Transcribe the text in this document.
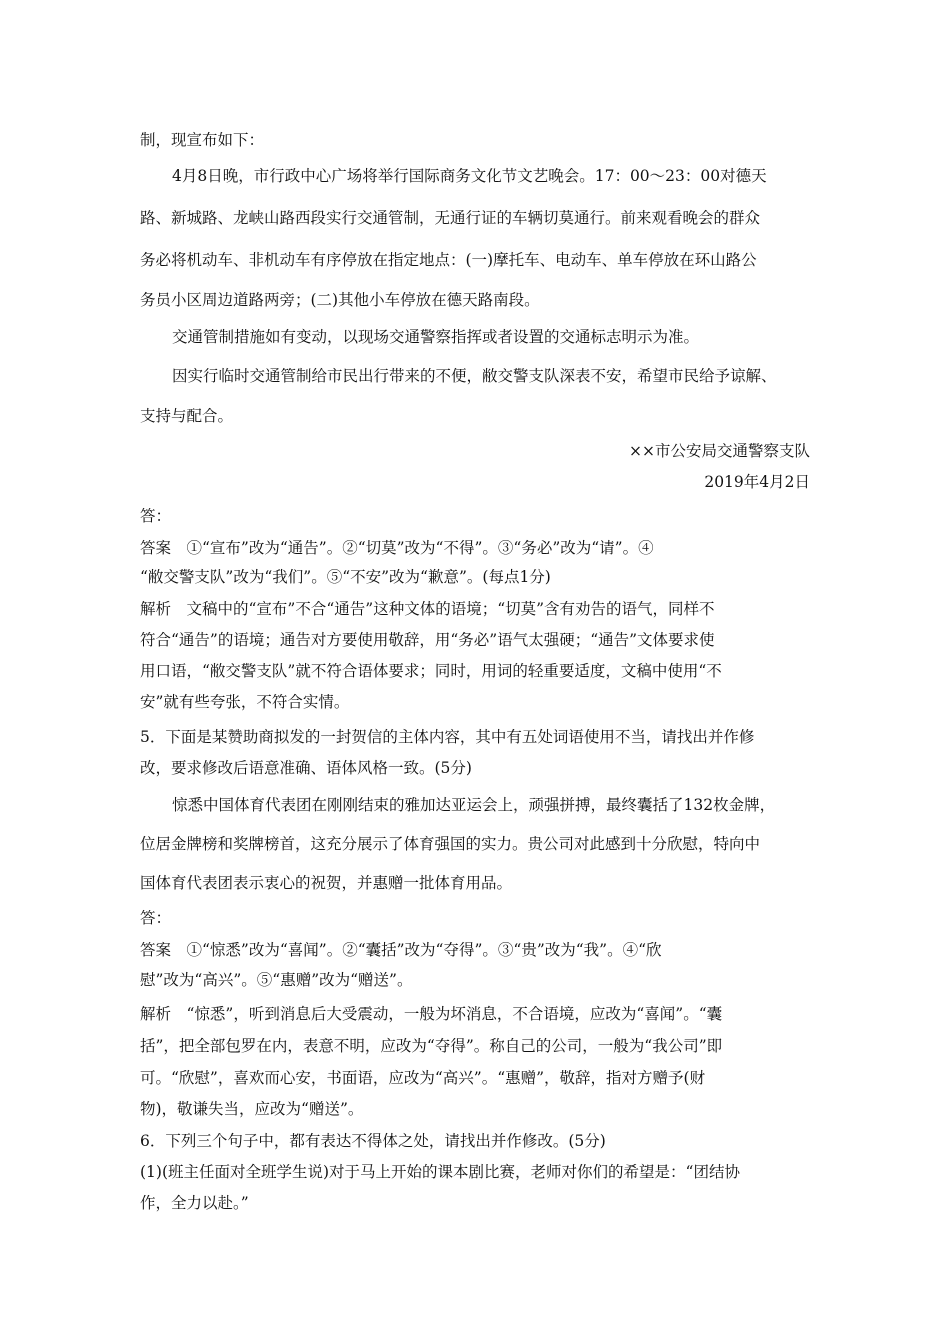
制，现宣布如下：
4月8日晚，市行政中心广场将举行国际商务文化节文艺晚会。17：00～23：00对德天
路、新城路、龙峡山路西段实行交通管制，无通行证的车辆切莫通行。前来观看晚会的群众
务必将机动车、非机动车有序停放在指定地点：(一)摩托车、电动车、单车停放在环山路公
务员小区周边道路两旁；(二)其他小车停放在德天路南段。
交通管制措施如有变动，以现场交通警察指挥或者设置的交通标志明示为准。
因实行临时交通管制给市民出行带来的不便，敝交警支队深表不安，希望市民给予谅解、
支持与配合。
××市公安局交通警察支队
2019年4月2日
答：
答案　①“宣布”改为“通告”。②“切莫”改为“不得”。③“务必”改为“请”。④
“敝交警支队”改为“我们”。⑤“不安”改为“歉意”。(每点1分)
解析　文稿中的“宣布”不合“通告”这种文体的语境；“切莫”含有劝告的语气，同样不
符合“通告”的语境；通告对方要使用敬辞，用“务必”语气太强硬；“通告”文体要求使
用口语，“敝交警支队”就不符合语体要求；同时，用词的轻重要适度，文稿中使用“不
安”就有些夸张，不符合实情。
5．下面是某赞助商拟发的一封贺信的主体内容，其中有五处词语使用不当，请找出并作修
改，要求修改后语意准确、语体风格一致。(5分)
惊悉中国体育代表团在刚刚结束的雅加达亚运会上，顽强拼搏，最终囊括了132枚金牌，
位居金牌榜和奖牌榜首，这充分展示了体育强国的实力。贵公司对此感到十分欣慰，特向中
国体育代表团表示衷心的祝贺，并惠赠一批体育用品。
答：
答案　①“惊悉”改为“喜闻”。②“囊括”改为“夺得”。③“贵”改为“我”。④“欣
慰”改为“高兴”。⑤“惠赠”改为“赠送”。
解析　“惊悉”，听到消息后大受震动，一般为坏消息，不合语境，应改为“喜闻”。“囊
括”，把全部包罗在内，表意不明，应改为“夺得”。称自己的公司，一般为“我公司”即
可。“欣慰”，喜欢而心安，书面语，应改为“高兴”。“惠赠”，敬辞，指对方赠予(财
物)，敬谦失当，应改为“赠送”。
6．下列三个句子中，都有表达不得体之处，请找出并作修改。(5分)
(1)(班主任面对全班学生说)对于马上开始的课本剧比赛，老师对你们的希望是：“团结协
作，全力以赴。”
